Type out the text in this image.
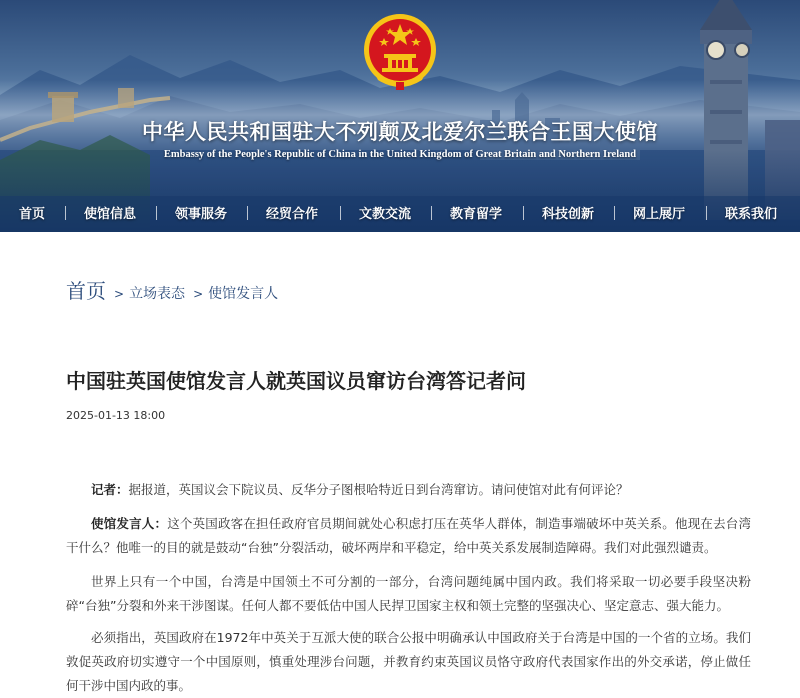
中华人民共和国驻大不列颠及北爱尔兰联合王国大使馆
Embassy of the People's Republic of China in the United Kingdom of Great Britain and Northern Ireland
首页	使馆信息	领事服务	经贸合作	文教交流	教育留学	科技创新	网上展厅	联系我们
首页 > 立场表态 > 使馆发言人
中国驻英国使馆发言人就英国议员窜访台湾答记者问
2025-01-13 18:00

记者：据报道，英国议会下院议员、反华分子图根哈特近日到台湾窜访。请问使馆对此有何评论？

使馆发言人：这个英国政客在担任政府官员期间就处心积虑打压在英华人群体，制造事端破坏中英关系。他现在去台湾干什么？他唯一的目的就是鼓动“台独”分裂活动，破坏两岸和平稳定，给中英关系发展制造障碍。我们对此强烈谴责。

世界上只有一个中国，台湾是中国领土不可分割的一部分，台湾问题纯属中国内政。我们将采取一切必要手段坚决粉碎“台独”分裂和外来干涉图谋。任何人都不要低估中国人民捍卫国家主权和领土完整的坚强决心、坚定意志、强大能力。

必须指出，英国政府在1972年中英关于互派大使的联合公报中明确承认中国政府关于台湾是中国的一个省的立场。我们敦促英政府切实遵守一个中国原则，慎重处理涉台问题，并教育约束英国议员恪守政府代表国家作出的外交承诺，停止做任何干涉中国内政的事。
